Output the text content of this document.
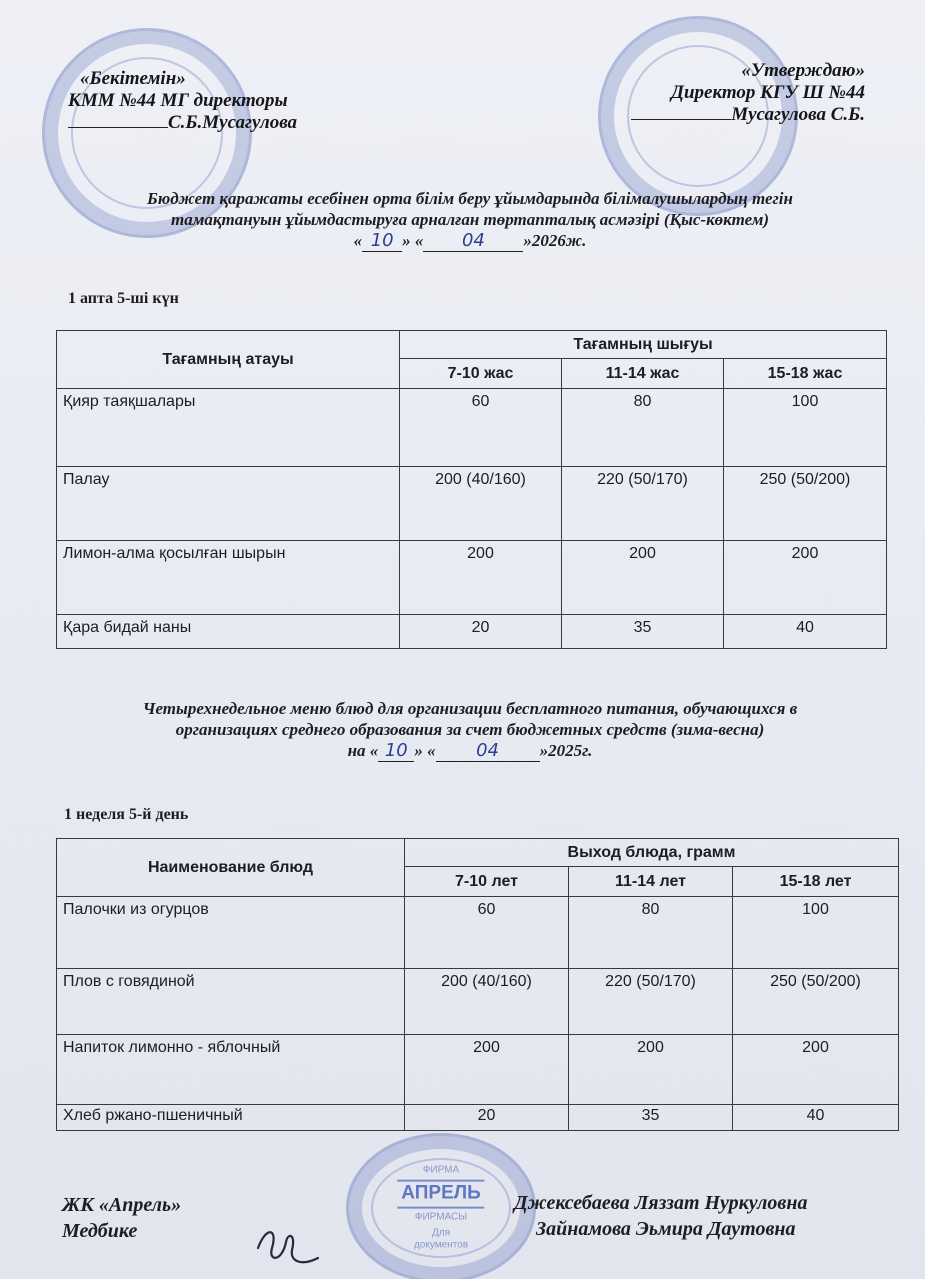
ФИРМА
АПРЕЛЬ
ФИРМАСЫ
Для
документов
«Бекітемін»
КММ №44 МГ директоры
С.Б.Мусагулова
«Утверждаю»
Директор КГУ Ш №44
Мусагулова С.Б.
Бюджет қаражаты есебінен орта білім беру ұйымдарында білімалушылардың тегін
тамақтануын ұйымдастыруға арналған төртапталық асмәзірі (Қыс-көктем)
« 10 » « 04 »2026ж.
1 апта 5-ші күн
Тағамның атауы	Тағамның шығуы		
	7-10 жас	11-14 жас	15-18 жас
Қияр таяқшалары	60	80	100
Палау	200 (40/160)	220 (50/170)	250 (50/200)
Лимон-алма қосылған шырын	200	200	200
Қара бидай наны	20	35	40
Четырехнедельное меню блюд для организации бесплатного питания, обучающихся в
организациях среднего образования за счет бюджетных средств (зима-весна)
на « 10 » « 04 »2025г.
1 неделя 5-й день
Наименование блюд	Выход блюда, грамм		
	7-10 лет	11-14 лет	15-18 лет
Палочки из огурцов	60	80	100
Плов с говядиной	200 (40/160)	220 (50/170)	250 (50/200)
Напиток лимонно - яблочный	200	200	200
Хлеб ржано-пшеничный	20	35	40
ЖК «Апрель»
Медбике
Джексебаева Ляззат Нуркуловна
Зайнамова Эьмира Даутовна
